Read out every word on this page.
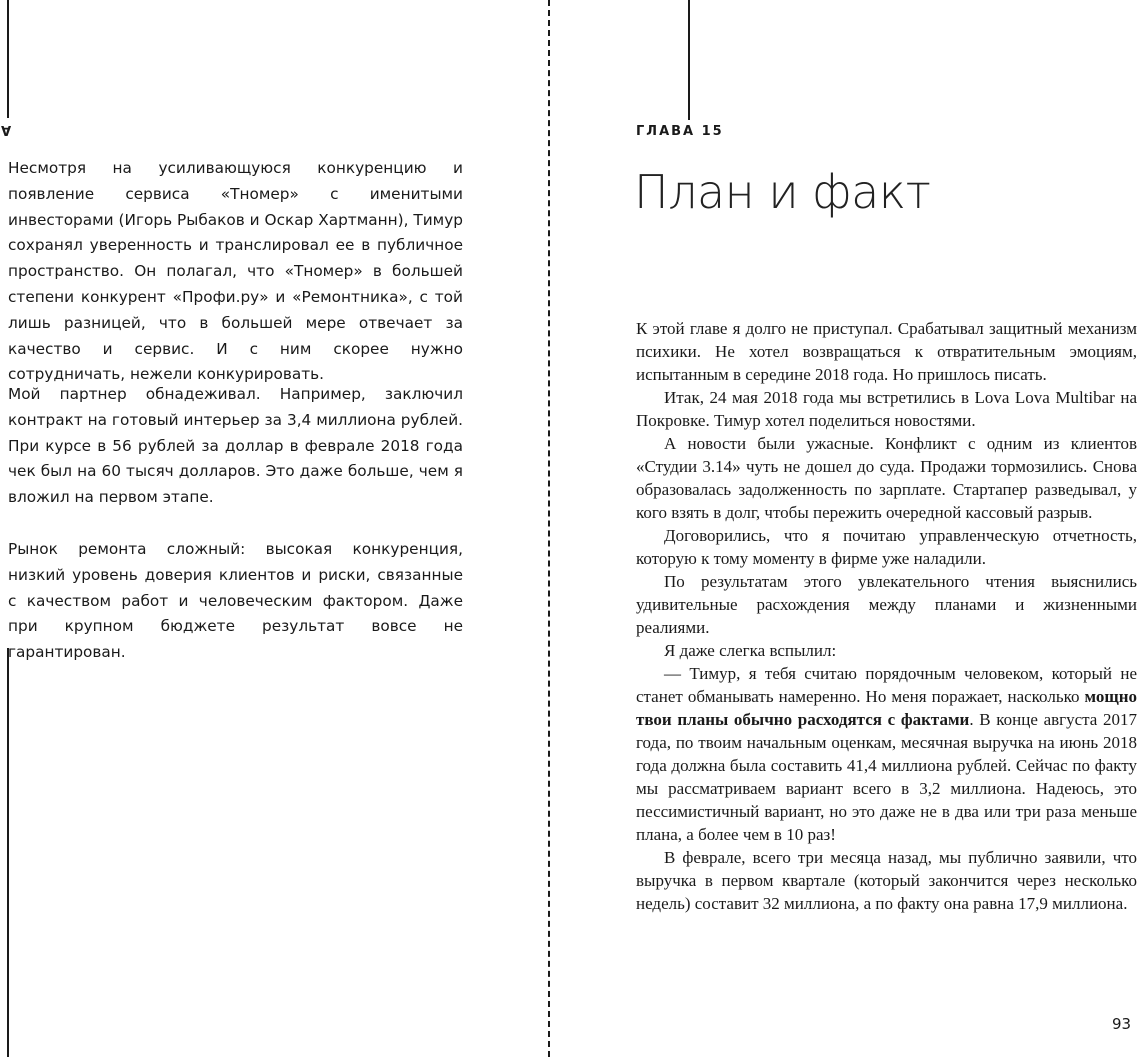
A

Несмотря на усиливающуюся конкуренцию и появление сервиса «Тномер» с именитыми инвесторами (Игорь Рыбаков и Оскар Хартманн), Тимур сохранял уверенность и транслировал ее в публичное пространство. Он полагал, что «Тномер» в большей степени конкурент «Профи.ру» и «Ремонтника», с той лишь разницей, что в большей мере отвечает за качество и сервис. И с ним скорее нужно сотрудничать, нежели конкурировать.

Мой партнер обнадеживал. Например, заключил контракт на готовый интерьер за 3,4 миллиона рублей. При курсе в 56 рублей за доллар в феврале 2018 года чек был на 60 тысяч долларов. Это даже больше, чем я вложил на первом этапе.

Рынок ремонта сложный: высокая конкуренция, низкий уровень доверия клиентов и риски, связанные с качеством работ и человеческим фактором. Даже при крупном бюджете результат вовсе не гарантирован.

ГЛАВА 15

План и факт

К этой главе я долго не приступал. Срабатывал защитный механизм психики. Не хотел возвращаться к отвратительным эмоциям, испытанным в середине 2018 года. Но пришлось писать.

Итак, 24 мая 2018 года мы встретились в Lova Lova Multibar на Покровке. Тимур хотел поделиться новостями.

А новости были ужасные. Конфликт с одним из клиентов «Студии 3.14» чуть не дошел до суда. Продажи тормозились. Снова образовалась задолженность по зарплате. Стартапер разведывал, у кого взять в долг, чтобы пережить очередной кассовый разрыв.

Договорились, что я почитаю управленческую отчетность, которую к тому моменту в фирме уже наладили.

По результатам этого увлекательного чтения выяснились удивительные расхождения между планами и жизненными реалиями.

Я даже слегка вспылил:

— Тимур, я тебя считаю порядочным человеком, который не станет обманывать намеренно. Но меня поражает, насколько мощно твои планы обычно расходятся с фактами. В конце августа 2017 года, по твоим начальным оценкам, месячная выручка на июнь 2018 года должна была составить 41,4 миллиона рублей. Сейчас по факту мы рассматриваем вариант всего в 3,2 миллиона. Надеюсь, это пессимистичный вариант, но это даже не в два или три раза меньше плана, а более чем в 10 раз!

В феврале, всего три месяца назад, мы публично заявили, что выручка в первом квартале (который закончится через несколько недель) составит 32 миллиона, а по факту она равна 17,9 миллиона.

93
